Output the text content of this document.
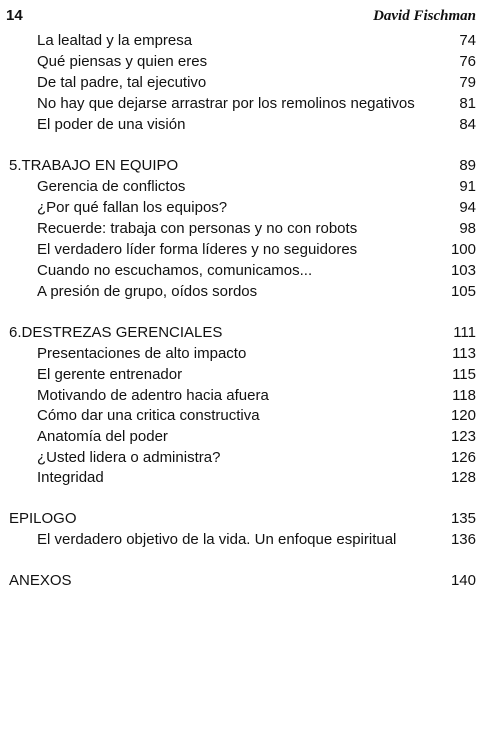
14	David Fischman
La lealtad y la empresa	74
Qué piensas y quien eres	76
De tal padre, tal ejecutivo	79
No hay que dejarse arrastrar por los remolinos negativos	81
El poder de una visión	84
5.TRABAJO EN EQUIPO	89
Gerencia de conflictos	91
¿Por qué fallan los equipos?	94
Recuerde: trabaja con personas y no con robots	98
El verdadero líder forma líderes y no seguidores	100
Cuando no escuchamos, comunicamos...	103
A presión de grupo, oídos sordos	105
6.DESTREZAS GERENCIALES	111
Presentaciones de alto impacto	113
El gerente entrenador	115
Motivando de adentro hacia afuera	118
Cómo dar una critica constructiva	120
Anatomía del poder	123
¿Usted lidera o administra?	126
Integridad	128
EPILOGO	135
El verdadero objetivo de la vida. Un enfoque espiritual	136
ANEXOS	140
